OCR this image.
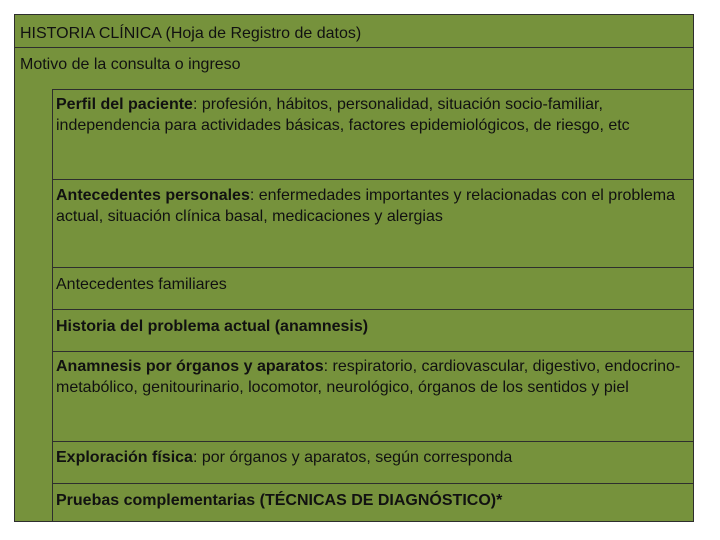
HISTORIA CLÍNICA (Hoja de Registro de datos)
Motivo de la consulta o ingreso
Perfil del paciente: profesión, hábitos, personalidad, situación socio-familiar, independencia para actividades básicas, factores epidemiológicos, de riesgo, etc
Antecedentes personales: enfermedades importantes y relacionadas con el problema actual, situación clínica basal, medicaciones y alergias
Antecedentes familiares
Historia del problema actual (anamnesis)
Anamnesis por órganos y aparatos: respiratorio, cardiovascular, digestivo, endocrino-metabólico, genitourinario, locomotor, neurológico, órganos de los sentidos y piel
Exploración física: por órganos y aparatos, según corresponda
Pruebas complementarias (TÉCNICAS DE DIAGNÓSTICO)*
